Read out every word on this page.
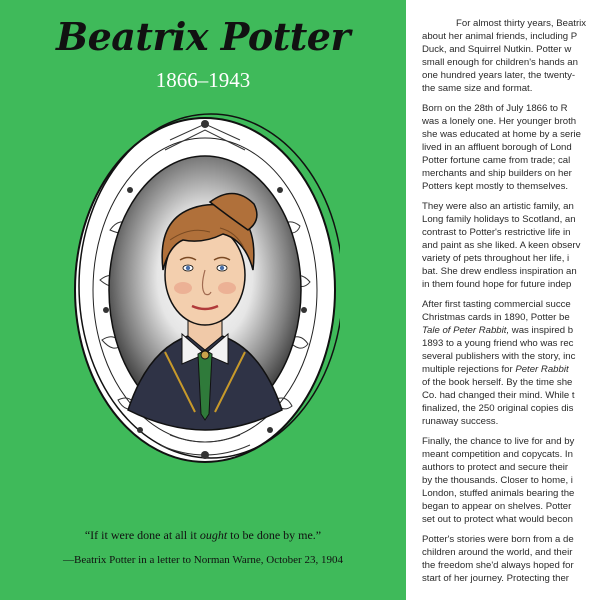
Beatrix Potter
1866–1943
“If it were done at all it ought to be done by me.”
—Beatrix Potter in a letter to Norman Warne, October 23, 1904

For almost thirty years, Beatrix
about her animal friends, including P
Duck, and Squirrel Nutkin. Potter w
small enough for children's hands an
one hundred years later, the twenty-
the same size and format.

Born on the 28th of July 1866 to R
was a lonely one. Her younger broth
she was educated at home by a serie
lived in an affluent borough of Lond
Potter fortune came from trade; cal
merchants and ship builders on her
Potters kept mostly to themselves.

They were also an artistic family, an
Long family holidays to Scotland, an
contrast to Potter's restrictive life in
and paint as she liked. A keen observ
variety of pets throughout her life, i
bat. She drew endless inspiration an
in them found hope for future indep

After first tasting commercial succe
Christmas cards in 1890, Potter be
Tale of Peter Rabbit, was inspired b
1893 to a young friend who was rec
several publishers with the story, inc
multiple rejections for Peter Rabbit
of the book herself. By the time she
Co. had changed their mind. While t
finalized, the 250 original copies dis
runaway success.

Finally, the chance to live for and by
meant competition and copycats. In
authors to protect and secure their
by the thousands. Closer to home, i
London, stuffed animals bearing the
began to appear on shelves. Potter
set out to protect what would becon

Potter's stories were born from a de
children around the world, and their
the freedom she'd always hoped for
start of her journey. Protecting ther
